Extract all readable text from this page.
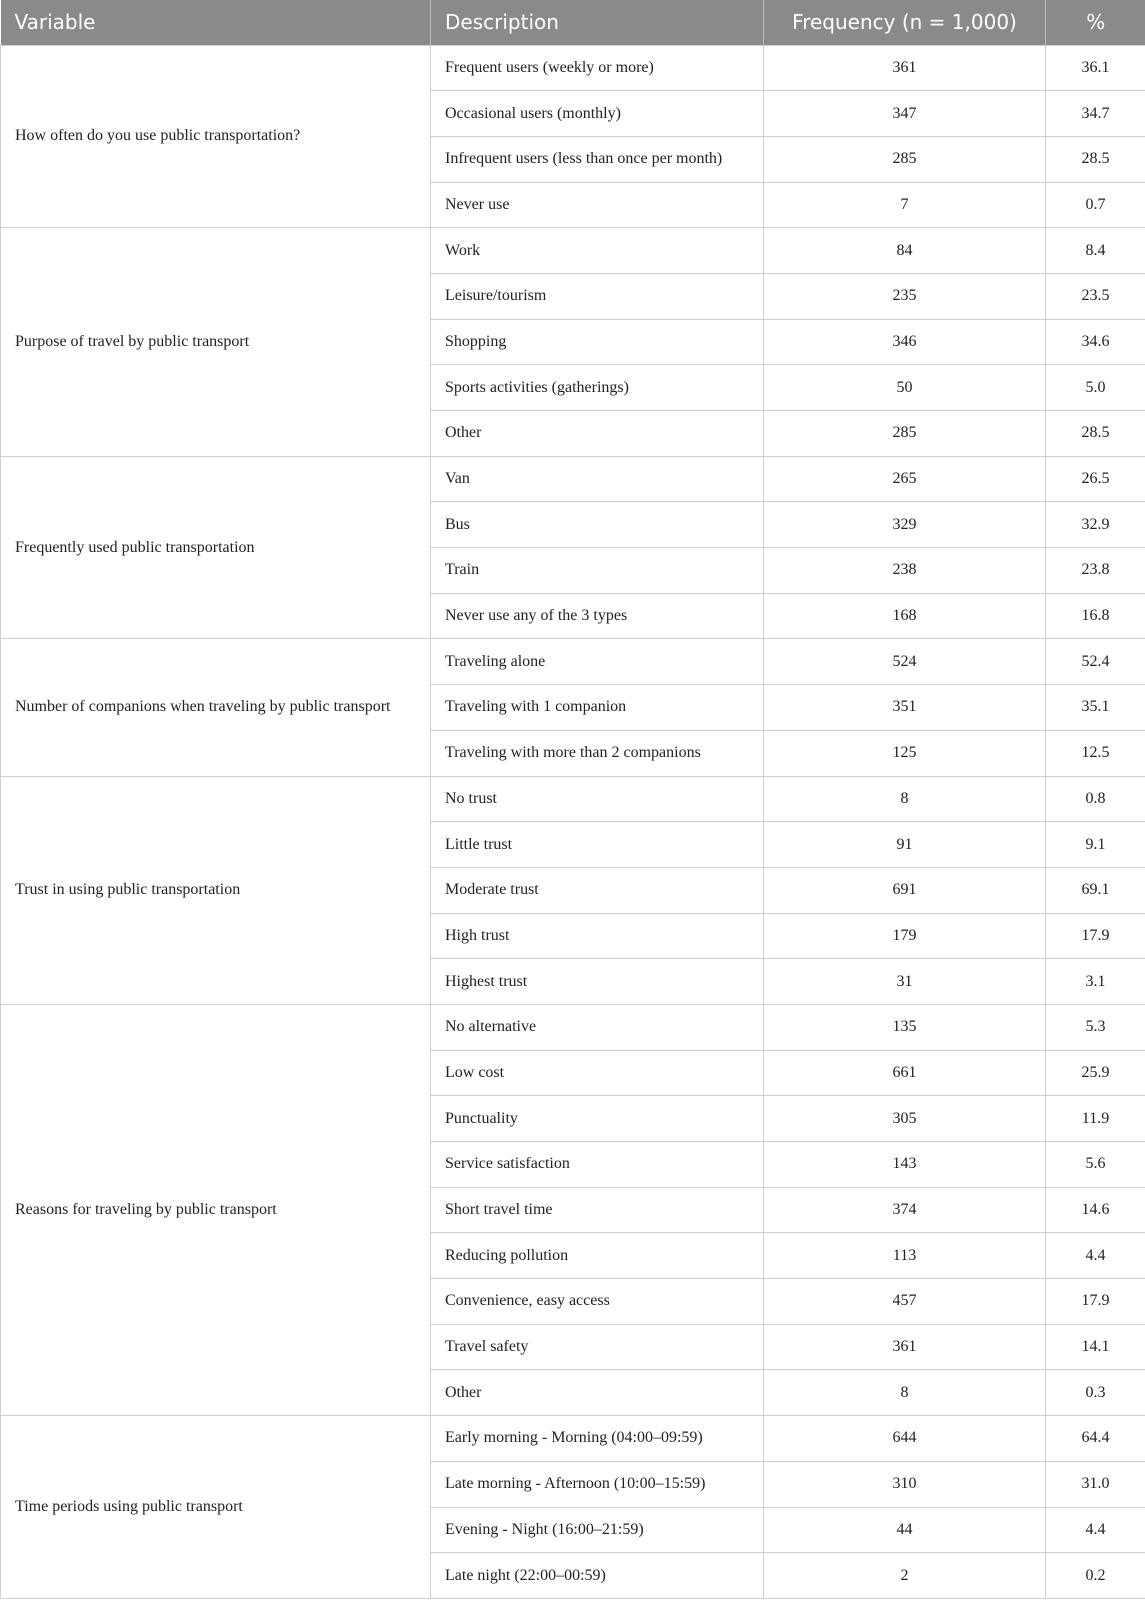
Variable	Description	Frequency (n = 1,000)	%
How often do you use public transportation?	Frequent users (weekly or more)	361	36.1
	Occasional users (monthly)	347	34.7
	Infrequent users (less than once per month)	285	28.5
	Never use	7	0.7
Purpose of travel by public transport	Work	84	8.4
	Leisure/tourism	235	23.5
	Shopping	346	34.6
	Sports activities (gatherings)	50	5.0
	Other	285	28.5
Frequently used public transportation	Van	265	26.5
	Bus	329	32.9
	Train	238	23.8
	Never use any of the 3 types	168	16.8
Number of companions when traveling by public transport	Traveling alone	524	52.4
	Traveling with 1 companion	351	35.1
	Traveling with more than 2 companions	125	12.5
Trust in using public transportation	No trust	8	0.8
	Little trust	91	9.1
	Moderate trust	691	69.1
	High trust	179	17.9
	Highest trust	31	3.1
Reasons for traveling by public transport	No alternative	135	5.3
	Low cost	661	25.9
	Punctuality	305	11.9
	Service satisfaction	143	5.6
	Short travel time	374	14.6
	Reducing pollution	113	4.4
	Convenience, easy access	457	17.9
	Travel safety	361	14.1
	Other	8	0.3
Time periods using public transport	Early morning - Morning (04:00–09:59)	644	64.4
	Late morning - Afternoon (10:00–15:59)	310	31.0
	Evening - Night (16:00–21:59)	44	4.4
	Late night (22:00–00:59)	2	0.2
